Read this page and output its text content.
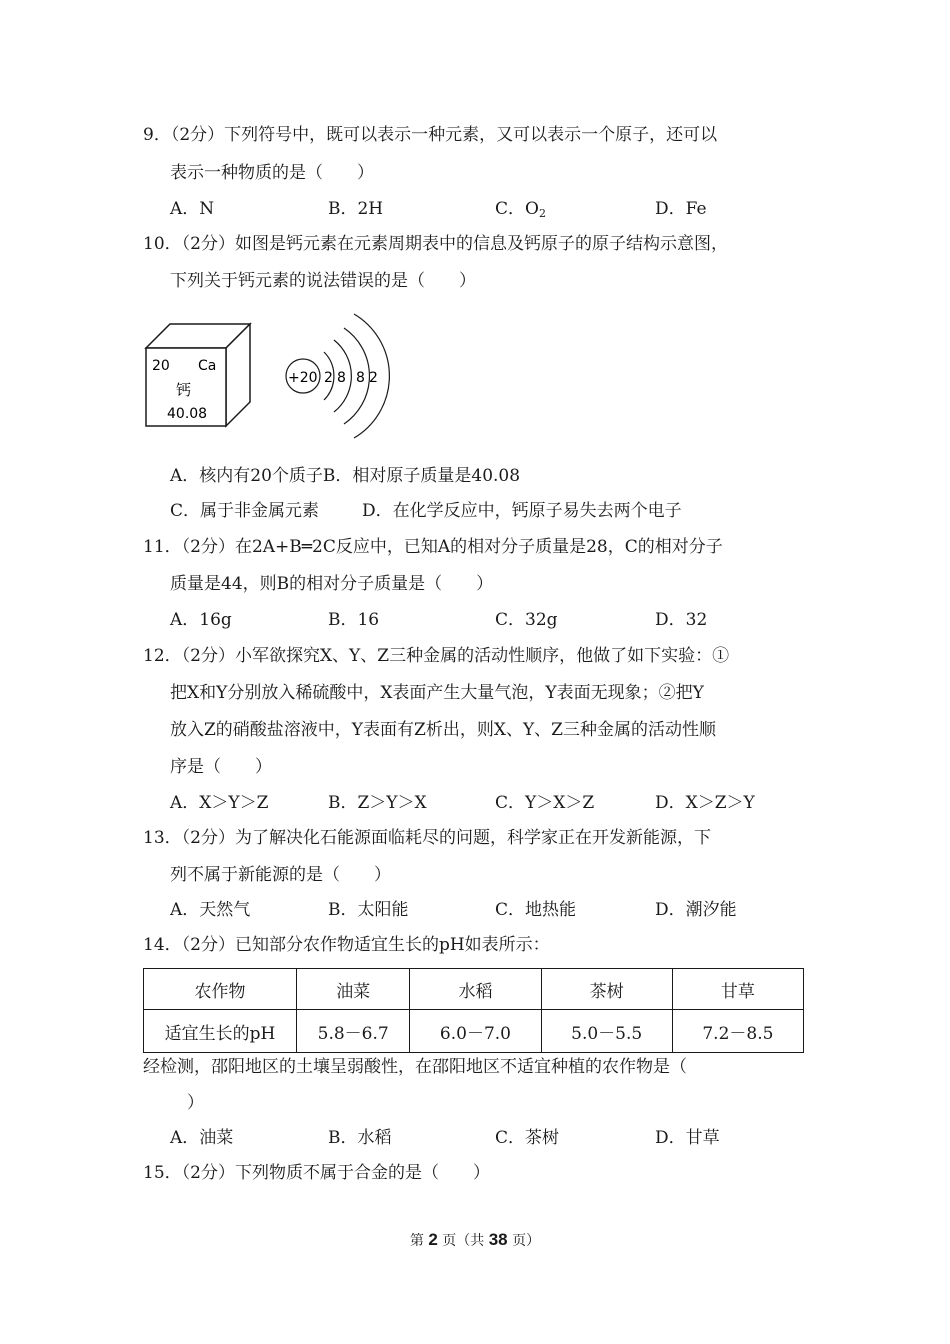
9．（2分）下列符号中，既可以表示一种元素，又可以表示一个原子，还可以
表示一种物质的是（　　）
A．N	B．2H	C．$O_2$	D．Fe
10．（2分）如图是钙元素在元素周期表中的信息及钙原子的原子结构示意图，
下列关于钙元素的说法错误的是（　　）
20 Ca
钙
40.08
+20 2 8 8 2
A．核内有20个质子B．相对原子质量是40.08
C．属于非金属元素	D．在化学反应中，钙原子易失去两个电子
11．（2分）在2A+B═2C反应中，已知A的相对分子质量是28，C的相对分子
质量是44，则B的相对分子质量是（　　）
A．16g	B．16	C．32g	D．32
12．（2分）小军欲探究X、Y、Z三种金属的活动性顺序，他做了如下实验：①
把X和Y分别放入稀硫酸中，X表面产生大量气泡，Y表面无现象；②把Y
放入Z的硝酸盐溶液中，Y表面有Z析出，则X、Y、Z三种金属的活动性顺
序是（　　）
A．X＞Y＞Z	B．Z＞Y＞X	C．Y＞X＞Z	D．X＞Z＞Y
13．（2分）为了解决化石能源面临耗尽的问题，科学家正在开发新能源，下
列不属于新能源的是（　　）
A．天然气	B．太阳能	C．地热能	D．潮汐能
14．（2分）已知部分农作物适宜生长的pH如表所示：
农作物	油菜	水稻	茶树	甘草
适宜生长的pH	5.8－6.7	6.0－7.0	5.0－5.5	7.2－8.5
经检测，邵阳地区的土壤呈弱酸性，在邵阳地区不适宜种植的农作物是（
）
A．油菜	B．水稻	C．茶树	D．甘草
15．（2分）下列物质不属于合金的是（　　）
第 2 页（共 38 页）
